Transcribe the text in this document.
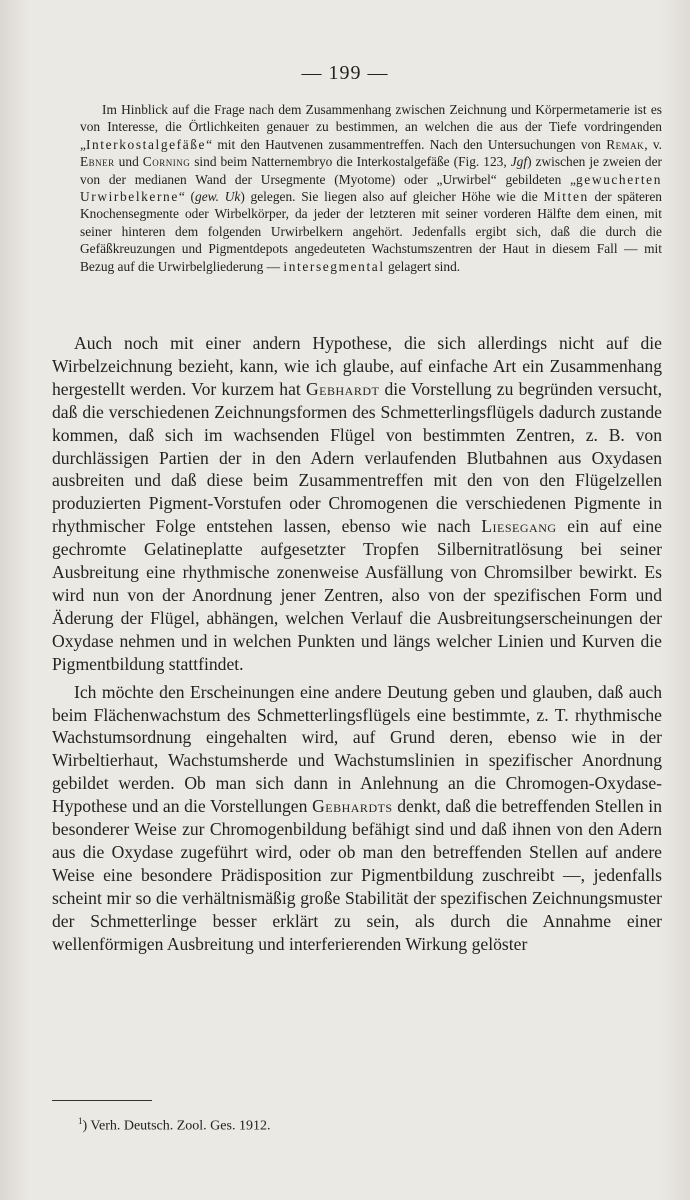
— 199 —
Im Hinblick auf die Frage nach dem Zusammenhang zwischen Zeichnung und Körpermetamerie ist es von Interesse, die Örtlichkeiten genauer zu bestimmen, an welchen die aus der Tiefe vordringenden „Interkostalgefäße“ mit den Hautvenen zusammentreffen. Nach den Untersuchungen von Remak, v. Ebner und Corning sind beim Natternembryo die Interkostalgefäße (Fig. 123, Jgf) zwischen je zweien der von der medianen Wand der Ursegmente (Myotome) oder „Urwirbel“ gebildeten „gewucherten Urwirbelkerne“ (gew. Uk) gelegen. Sie liegen also auf gleicher Höhe wie die Mitten der späteren Knochensegmente oder Wirbelkörper, da jeder der letzteren mit seiner vorderen Hälfte dem einen, mit seiner hinteren dem folgenden Urwirbelkern angehört. Jedenfalls ergibt sich, daß die durch die Gefäßkreuzungen und Pigmentdepots angedeuteten Wachstumszentren der Haut in diesem Fall — mit Bezug auf die Urwirbelgliederung — intersegmental gelagert sind.

Auch noch mit einer andern Hypothese, die sich allerdings nicht auf die Wirbelzeichnung bezieht, kann, wie ich glaube, auf einfache Art ein Zusammenhang hergestellt werden. Vor kurzem hat Gebhardt die Vorstellung zu begründen versucht, daß die verschiedenen Zeichnungsformen des Schmetterlingsflügels dadurch zustande kommen, daß sich im wachsenden Flügel von bestimmten Zentren, z. B. von durchlässigen Partien der in den Adern verlaufenden Blutbahnen aus Oxydasen ausbreiten und daß diese beim Zusammentreffen mit den von den Flügelzellen produzierten Pigment-Vorstufen oder Chromogenen die verschiedenen Pigmente in rhythmischer Folge entstehen lassen, ebenso wie nach Liesegang ein auf eine gechromte Gelatineplatte aufgesetzter Tropfen Silbernitratlösung bei seiner Ausbreitung eine rhythmische zonenweise Ausfällung von Chromsilber bewirkt. Es wird nun von der Anordnung jener Zentren, also von der spezifischen Form und Äderung der Flügel, abhängen, welchen Verlauf die Ausbreitungserscheinungen der Oxydase nehmen und in welchen Punkten und längs welcher Linien und Kurven die Pigmentbildung stattfindet.

Ich möchte den Erscheinungen eine andere Deutung geben und glauben, daß auch beim Flächenwachstum des Schmetterlingsflügels eine bestimmte, z. T. rhythmische Wachstumsordnung eingehalten wird, auf Grund deren, ebenso wie in der Wirbeltierhaut, Wachstumsherde und Wachstumslinien in spezifischer Anordnung gebildet werden. Ob man sich dann in Anlehnung an die Chromogen-Oxydase-Hypothese und an die Vorstellungen Gebhardts denkt, daß die betreffenden Stellen in besonderer Weise zur Chromogenbildung befähigt sind und daß ihnen von den Adern aus die Oxydase zugeführt wird, oder ob man den betreffenden Stellen auf andere Weise eine besondere Prädisposition zur Pigmentbildung zuschreibt —, jedenfalls scheint mir so die verhältnismäßig große Stabilität der spezifischen Zeichnungsmuster der Schmetterlinge besser erklärt zu sein, als durch die Annahme einer wellenförmigen Ausbreitung und interferierenden Wirkung gelöster

$^1$) Verh. Deutsch. Zool. Ges. 1912.
